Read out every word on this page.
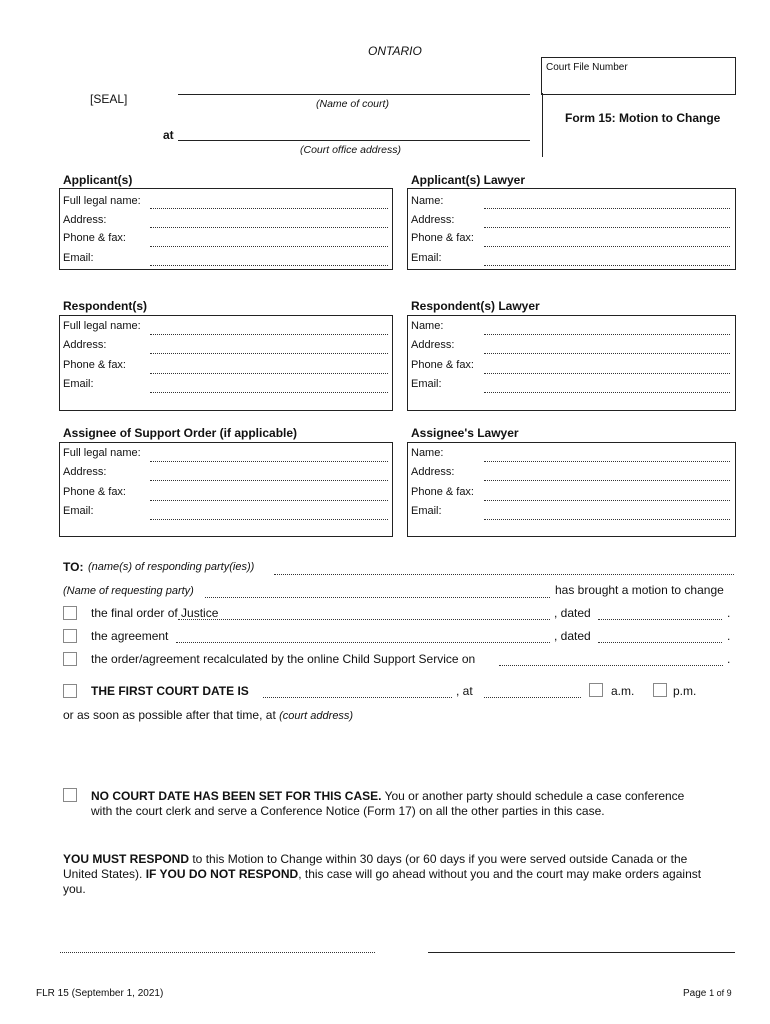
ONTARIO
Court File Number
[SEAL]	(Name of court)
at
(Court office address)
Form 15: Motion to Change
Applicant(s)
Full legal name:
Address:
Phone & fax:
Email:
Applicant(s) Lawyer
Name:
Address:
Phone & fax:
Email:
Respondent(s)
Full legal name:
Address:
Phone & fax:
Email:
Respondent(s) Lawyer
Name:
Address:
Phone & fax:
Email:
Assignee of Support Order (if applicable)
Full legal name:
Address:
Phone & fax:
Email:
Assignee's Lawyer
Name:
Address:
Phone & fax:
Email:
TO: (name(s) of responding party(ies))
(Name of requesting party)	has brought a motion to change
the final order of Justice	, dated	.
the agreement	, dated	.
the order/agreement recalculated by the online Child Support Service on	.
THE FIRST COURT DATE IS	, at	a.m.	p.m.
or as soon as possible after that time, at (court address)
NO COURT DATE HAS BEEN SET FOR THIS CASE. You or another party should schedule a case conference
with the court clerk and serve a Conference Notice (Form 17) on all the other parties in this case.
YOU MUST RESPOND to this Motion to Change within 30 days (or 60 days if you were served outside Canada or the
United States). IF YOU DO NOT RESPOND, this case will go ahead without you and the court may make orders against
you.
FLR 15 (September 1, 2021)	Page 1 of 9
